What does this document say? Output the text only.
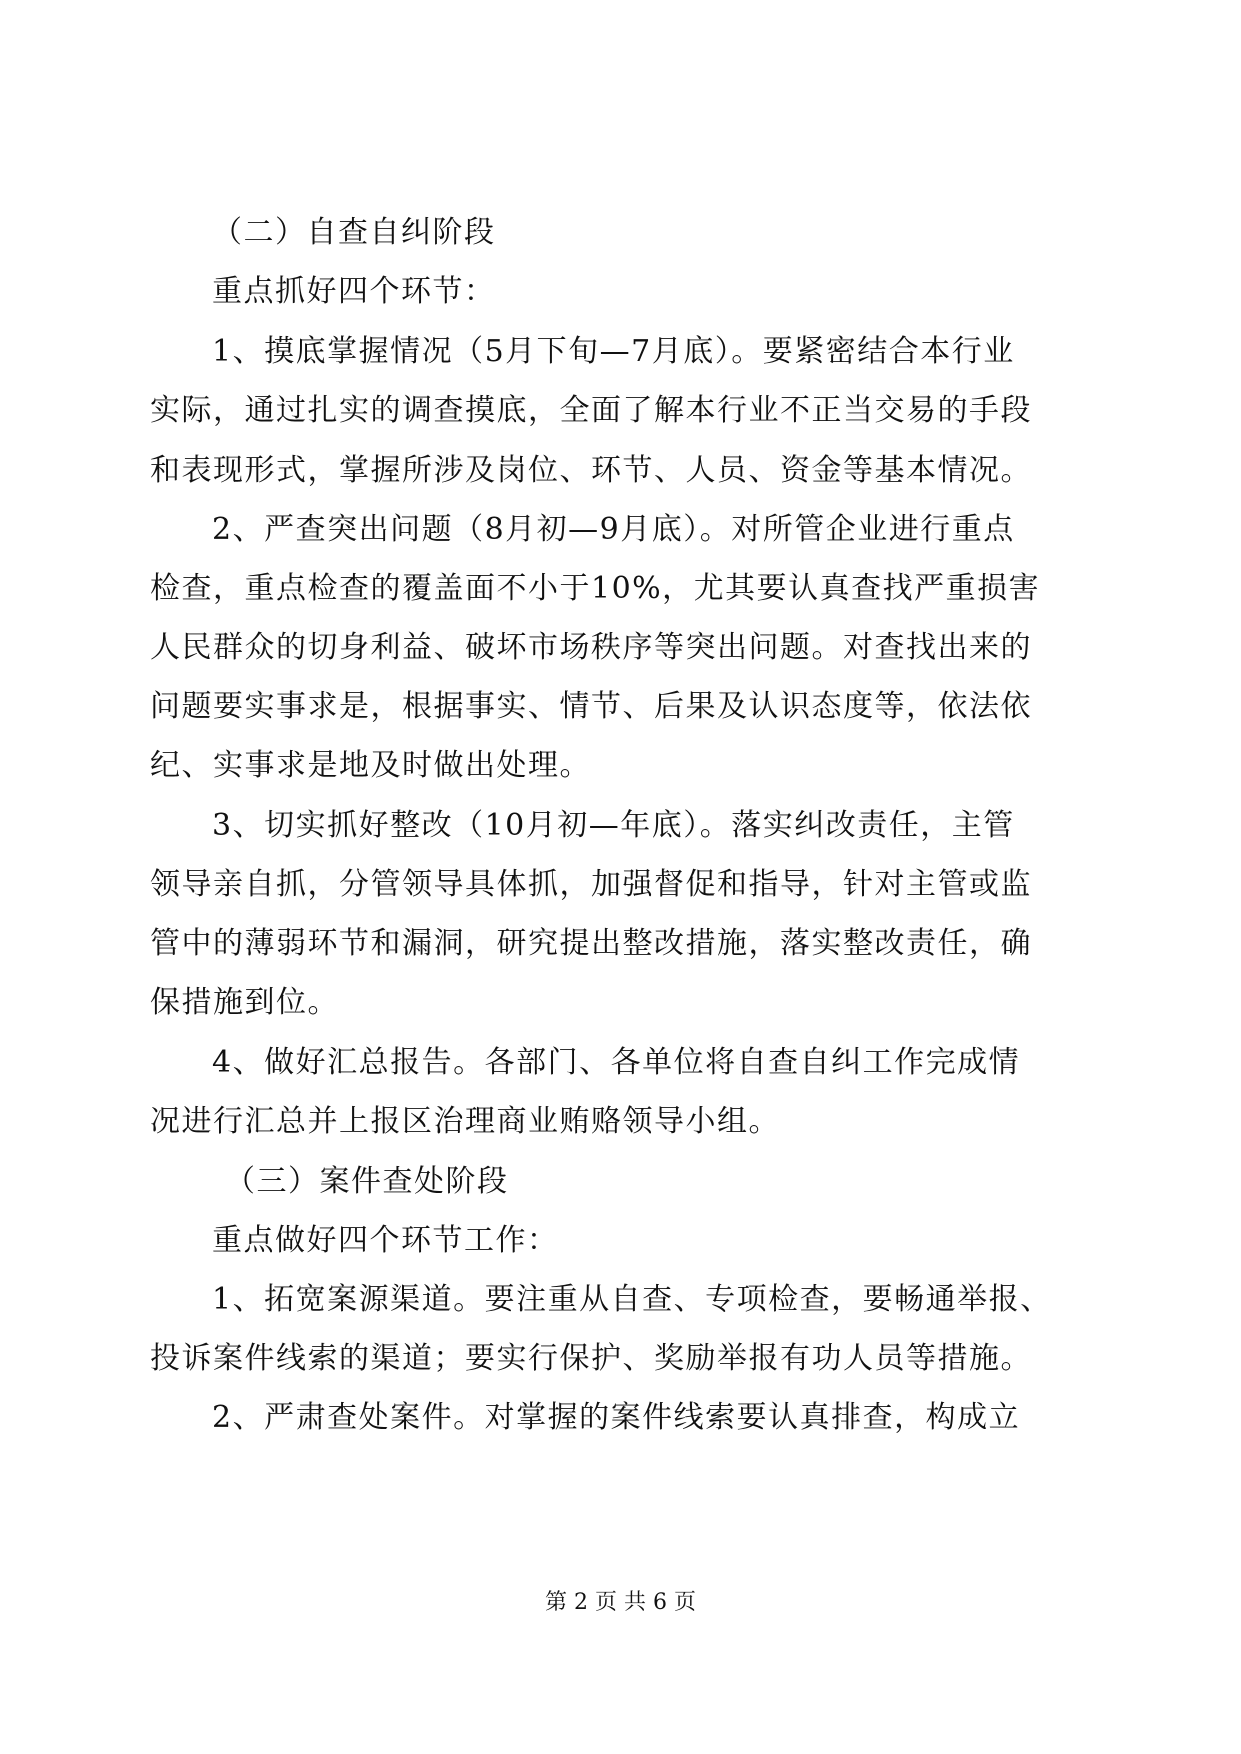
（二）自查自纠阶段
重点抓好四个环节：
1、摸底掌握情况（5月下旬—7月底）。要紧密结合本行业
实际，通过扎实的调查摸底，全面了解本行业不正当交易的手段
和表现形式，掌握所涉及岗位、环节、人员、资金等基本情况。
2、严查突出问题（8月初—9月底）。对所管企业进行重点
检查，重点检查的覆盖面不小于10%，尤其要认真查找严重损害
人民群众的切身利益、破坏市场秩序等突出问题。对查找出来的
问题要实事求是，根据事实、情节、后果及认识态度等，依法依
纪、实事求是地及时做出处理。
3、切实抓好整改（10月初—年底）。落实纠改责任，主管
领导亲自抓，分管领导具体抓，加强督促和指导，针对主管或监
管中的薄弱环节和漏洞，研究提出整改措施，落实整改责任，确
保措施到位。
4、做好汇总报告。各部门、各单位将自查自纠工作完成情
况进行汇总并上报区治理商业贿赂领导小组。
（三）案件查处阶段
重点做好四个环节工作：
1、拓宽案源渠道。要注重从自查、专项检查，要畅通举报、
投诉案件线索的渠道；要实行保护、奖励举报有功人员等措施。
2、严肃查处案件。对掌握的案件线索要认真排查，构成立
第 2 页 共 6 页
